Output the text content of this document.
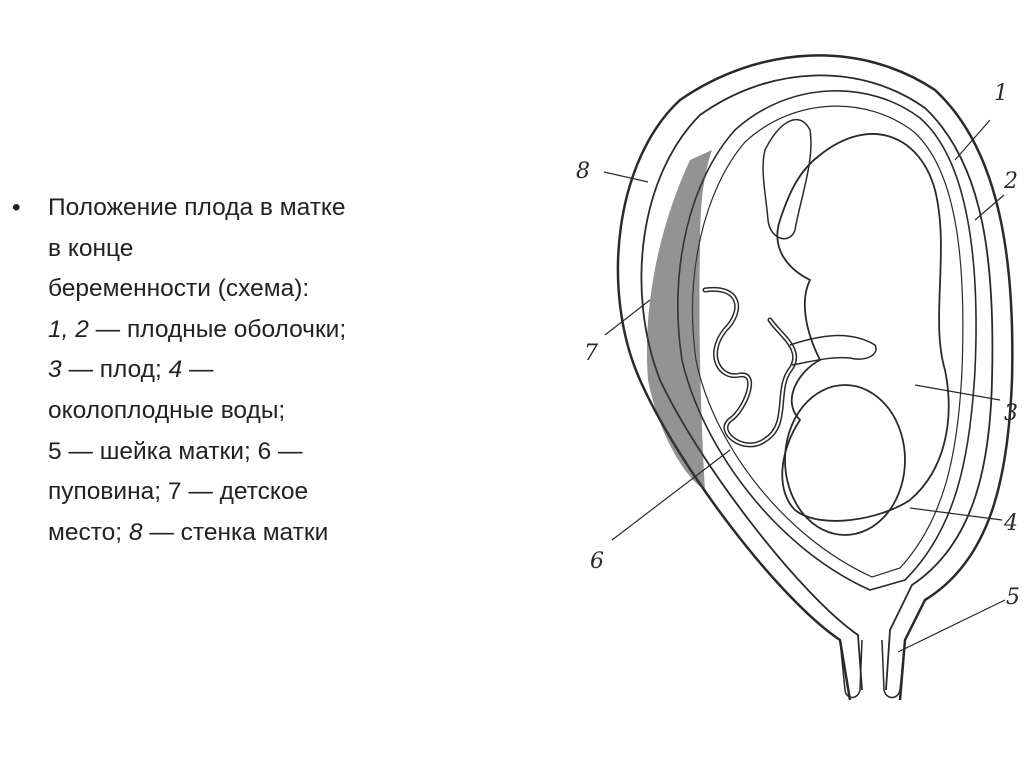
•	Положение плода в матке
в конце
беременности (схема):
1, 2 — плодные оболочки;
3 — плод; 4 —
околоплодные воды;
5 — шейка матки; 6 —
пуповина; 7 — детское
место; 8 — стенка матки
8
1
2
7
3
4
6
5
